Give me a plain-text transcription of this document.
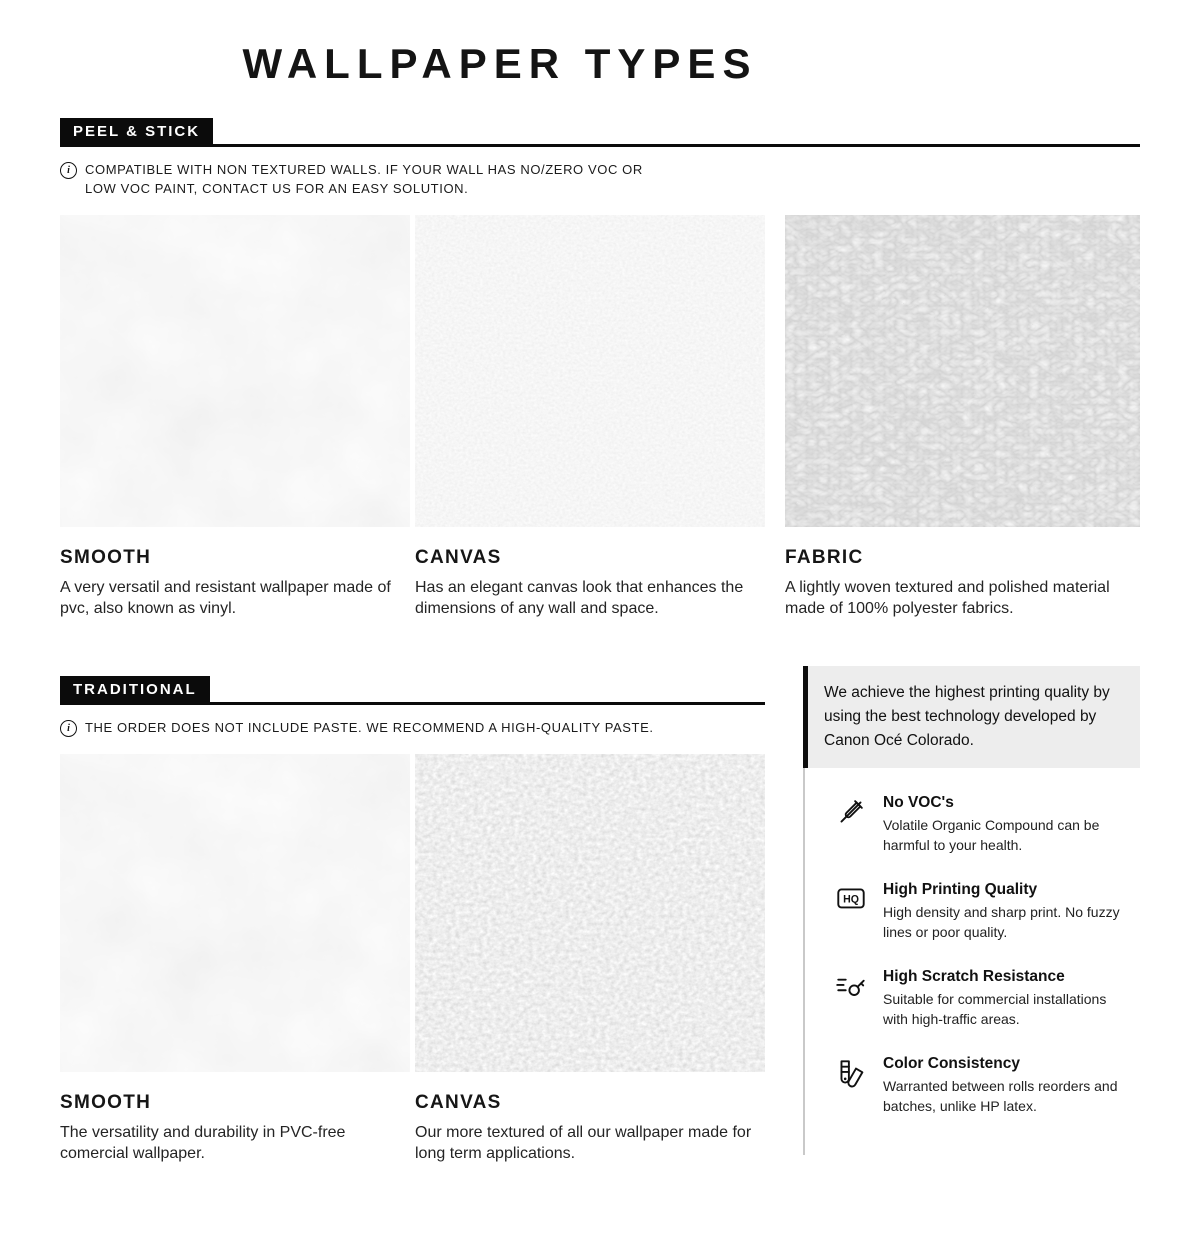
WALLPAPER TYPES
PEEL & STICK
i	COMPATIBLE WITH NON TEXTURED WALLS. IF YOUR WALL HAS NO/ZERO VOC OR LOW VOC PAINT, CONTACT US FOR AN EASY SOLUTION.
SMOOTH
A very versatil and resistant wallpaper made of pvc, also known as vinyl.
CANVAS
Has an elegant canvas look that enhances the dimensions of any wall and space.
FABRIC
A lightly woven textured and polished material made of 100% polyester fabrics.
TRADITIONAL
i	THE ORDER DOES NOT INCLUDE PASTE. WE RECOMMEND A HIGH-QUALITY PASTE.
SMOOTH
The versatility and durability in PVC-free comercial wallpaper.
CANVAS
Our more textured of all our wallpaper made for long term applications.
We achieve the highest printing quality by using the best technology developed by Canon Océ Colorado.
No VOC's
Volatile Organic Compound can be harmful to your health.
HQ
High Printing Quality
High density and sharp print. No fuzzy lines or poor quality.
High Scratch Resistance
Suitable for commercial installations with high-traffic areas.
Color Consistency
Warranted between rolls reorders and batches, unlike HP latex.
